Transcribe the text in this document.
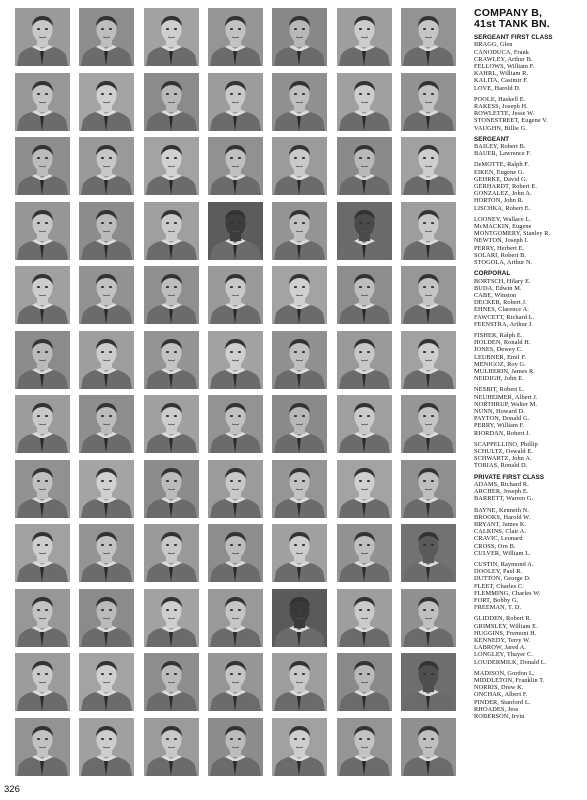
COMPANY B,
41st TANK BN.
SERGEANT FIRST CLASS
BRAGG, Glen
CANODUCA, Frank
CRAWLEY, Arthur B.
FELLOWS, William F.
KAHRL, William R.
KALITA, Casimir F.
LOVE, Harold D.
POOLE, Haskell E.
RAKESS, Joseph H.
ROWLETTE, Jesse W.
STONESTREET, Eugene V.
VAUGHN, Billie G.
SERGEANT
BAILEY, Robert B.
BAUER, Lawrence F.
DeMOTTE, Ralph F.
EIKEN, Eugene G.
GEHRKE, David G.
GERHARDT, Robert E.
GONZALEZ, John A.
HORTON, John R.
LISCHKA, Robert E.
LOONEY, Wallace L.
McMACKIN, Eugene
MONTGOMERY, Stanley R.
NEWTON, Joseph I.
PERRY, Herbert E.
SOLARI, Robert B.
STOGOLA, Arthur N.
CORPORAL
BORTSCH, Hilary E.
BUDA, Edwin M.
CABE, Winston
DECKER, Robert J.
EHNES, Clarence A.
FAWCETT, Richard L.
FEENSTRA, Arthur J.
FISHER, Ralph E.
HOLDEN, Ronald H.
JONES, Dewey C.
LEUBNER, Emil F.
MENIGOZ, Roy G.
MULHERIN, James R.
NEIDIGH, John E.
NESBIT, Robert L.
NEUHEIMER, Albert J.
NORTHRUP, Walter M.
NUNN, Howard D.
PAYTON, Donald G.
PERRY, William F.
RIORDAN, Robert J.
SCAPPELLINO, Phillip
SCHULTZ, Oswald E.
SCHWARTZ, John A.
TOBIAS, Ronald D.
PRIVATE FIRST CLASS
ADAMS, Richard R.
ARCHER, Joseph E.
BARRETT, Warren G.
BAYNE, Kenneth N.
BROOKS, Harold W.
BRYANT, James K.
CALKINS, Clair A.
CRAVIC, Leonard
CROSS, Orn B.
CULVER, William L.
CUSTIN, Raymond A.
DOOLEY, Paul R.
DUTTON, George D.
FLEET, Charles C.
FLEMMING, Charles W.
FORT, Bobby G.
FREEMAN, T. D.
GLIDDEN, Robert R.
GRIMSLEY, William E.
HUGGINS, Fremont H.
KENNEDY, Terry W.
LABROW, Jared A.
LONGLEY, Thayer C.
LOUDERMILK, Donald L.
MADISON, Gordon L.
MIDDLETON, Franklin T.
NORRIS, Drew K.
ONCHAK, Albert F.
PINDER, Stanford L.
RHOADES, Jess
ROBERSON, Irvin
326
